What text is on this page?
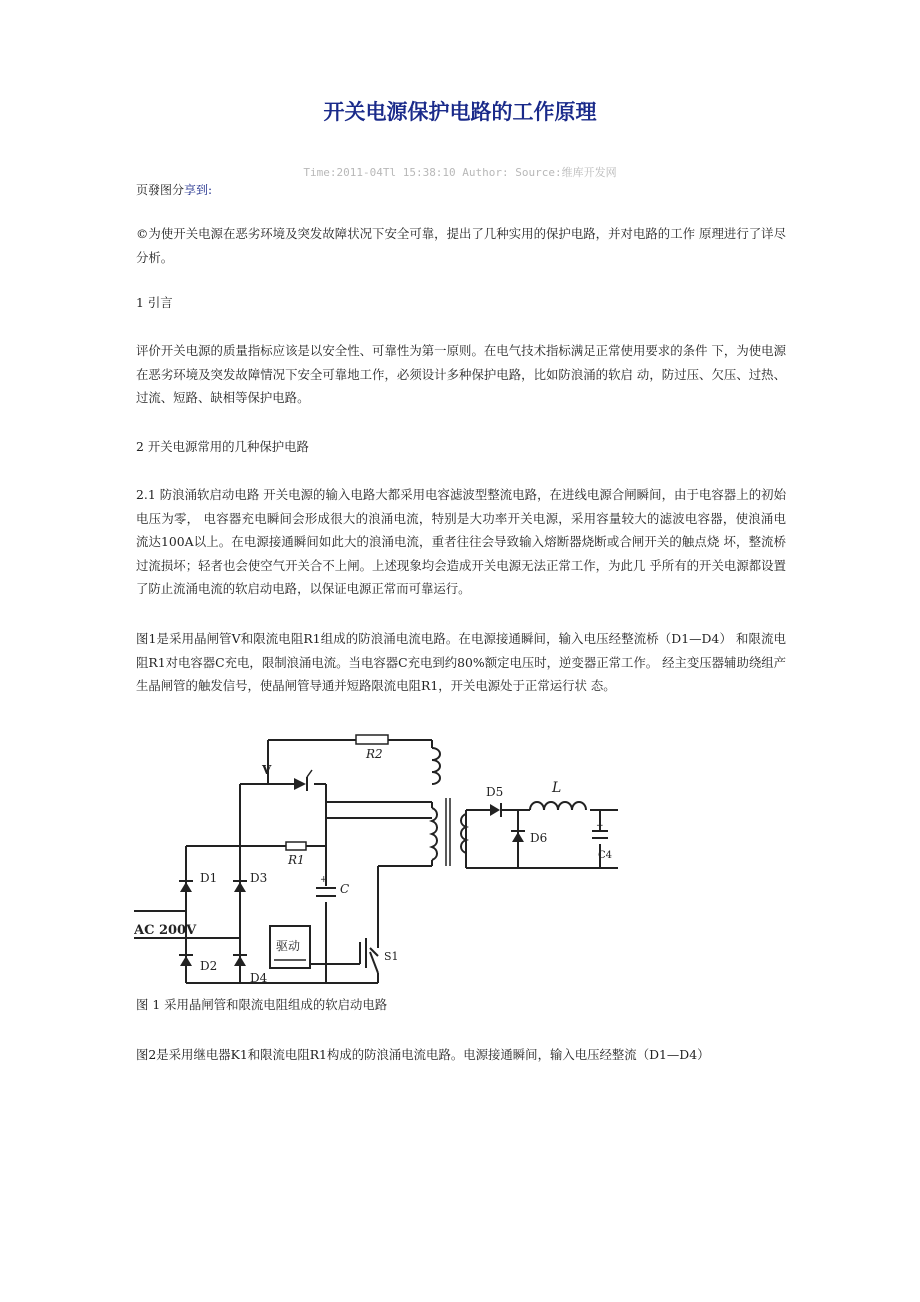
开关电源保护电路的工作原理
Time:2011-04Tl 15:38:10 Author: Source:维库开发网
页發图分享到:

©为使开关电源在恶劣环境及突发故障状况下安全可靠，提出了几种实用的保护电路，并对电路的工作 原理进行了详尽分析。

1 引言

评价开关电源的质量指标应该是以安全性、可靠性为第一原则。在电气技术指标满足正常使用要求的条件 下，为使电源在恶劣环境及突发故障情况下安全可靠地工作，必须设计多种保护电路，比如防浪涌的软启 动，防过压、欠压、过热、过流、短路、缺相等保护电路。

2 开关电源常用的几种保护电路

2.1 防浪涌软启动电路 开关电源的输入电路大都采用电容滤波型整流电路，在进线电源合闸瞬间，由于电容器上的初始电压为零， 电容器充电瞬间会形成很大的浪涌电流，特别是大功率开关电源，采用容量较大的滤波电容器，使浪涌电 流达100A以上。在电源接通瞬间如此大的浪涌电流，重者往往会导致输入熔断器烧断或合闸开关的触点烧 坏，整流桥过流损坏；轻者也会使空气开关合不上闸。上述现象均会造成开关电源无法正常工作，为此几 乎所有的开关电源都设置了防止流涌电流的软启动电路，以保证电源正常而可靠运行。

图1是采用晶闸管V和限流电阻R1组成的防浪涌电流电路。在电源接通瞬间，输入电压经整流桥（D1—D4） 和限流电阻R1对电容器C充电，限制浪涌电流。当电容器C充电到约80%额定电压时，逆变器正常工作。 经主变压器辅助绕组产生晶闸管的触发信号，使晶闸管导通并短路限流电阻R1，开关电源处于正常运行状 态。

R2
V
R1
C
D1
D2
D3
D4
D5
D6
L
C4
AC 200V
驱动
S1
+
+
图 1 采用晶闸管和限流电阻组成的软启动电路

图2是采用继电器K1和限流电阻R1构成的防浪涌电流电路。电源接通瞬间，输入电压经整流（D1—D4）
